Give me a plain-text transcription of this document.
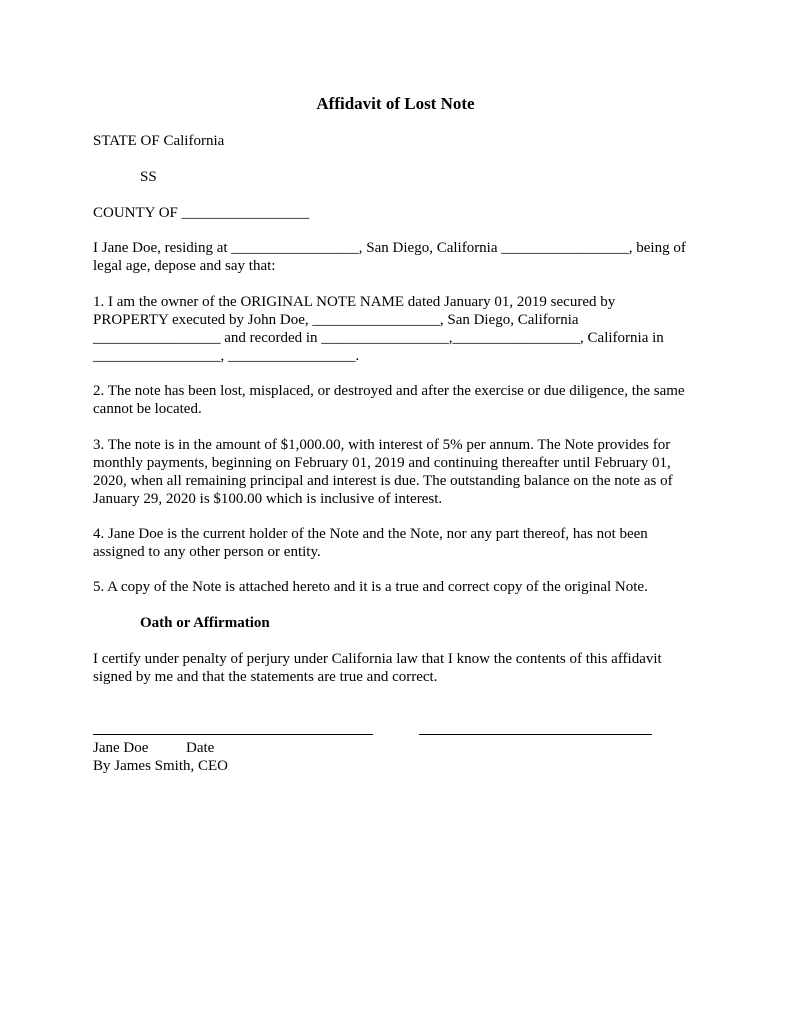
Affidavit of Lost Note
STATE OF California
SS
COUNTY OF _________________
I Jane Doe, residing at _________________, San Diego, California _________________, being of legal age, depose and say that:
1. I am the owner of the ORIGINAL NOTE NAME dated January 01, 2019 secured by
PROPERTY executed by John Doe, _________________, San Diego, California
_________________ and recorded in _________________,_________________, California in
_________________, _________________.
2. The note has been lost, misplaced, or destroyed and after the exercise or due diligence, the same cannot be located.
3. The note is in the amount of $1,000.00, with interest of 5% per annum. The Note provides for monthly payments, beginning on February 01, 2019 and continuing thereafter until February 01, 2020, when all remaining principal and interest is due. The outstanding balance on the note as of January 29, 2020 is $100.00 which is inclusive of interest.
4. Jane Doe is the current holder of the Note and the Note, nor any part thereof, has not been assigned to any other person or entity.
5. A copy of the Note is attached hereto and it is a true and correct copy of the original Note.
Oath or Affirmation
I certify under penalty of perjury under California law that I know the contents of this affidavit signed by me and that the statements are true and correct.
Jane Doe	Date
By James Smith, CEO
